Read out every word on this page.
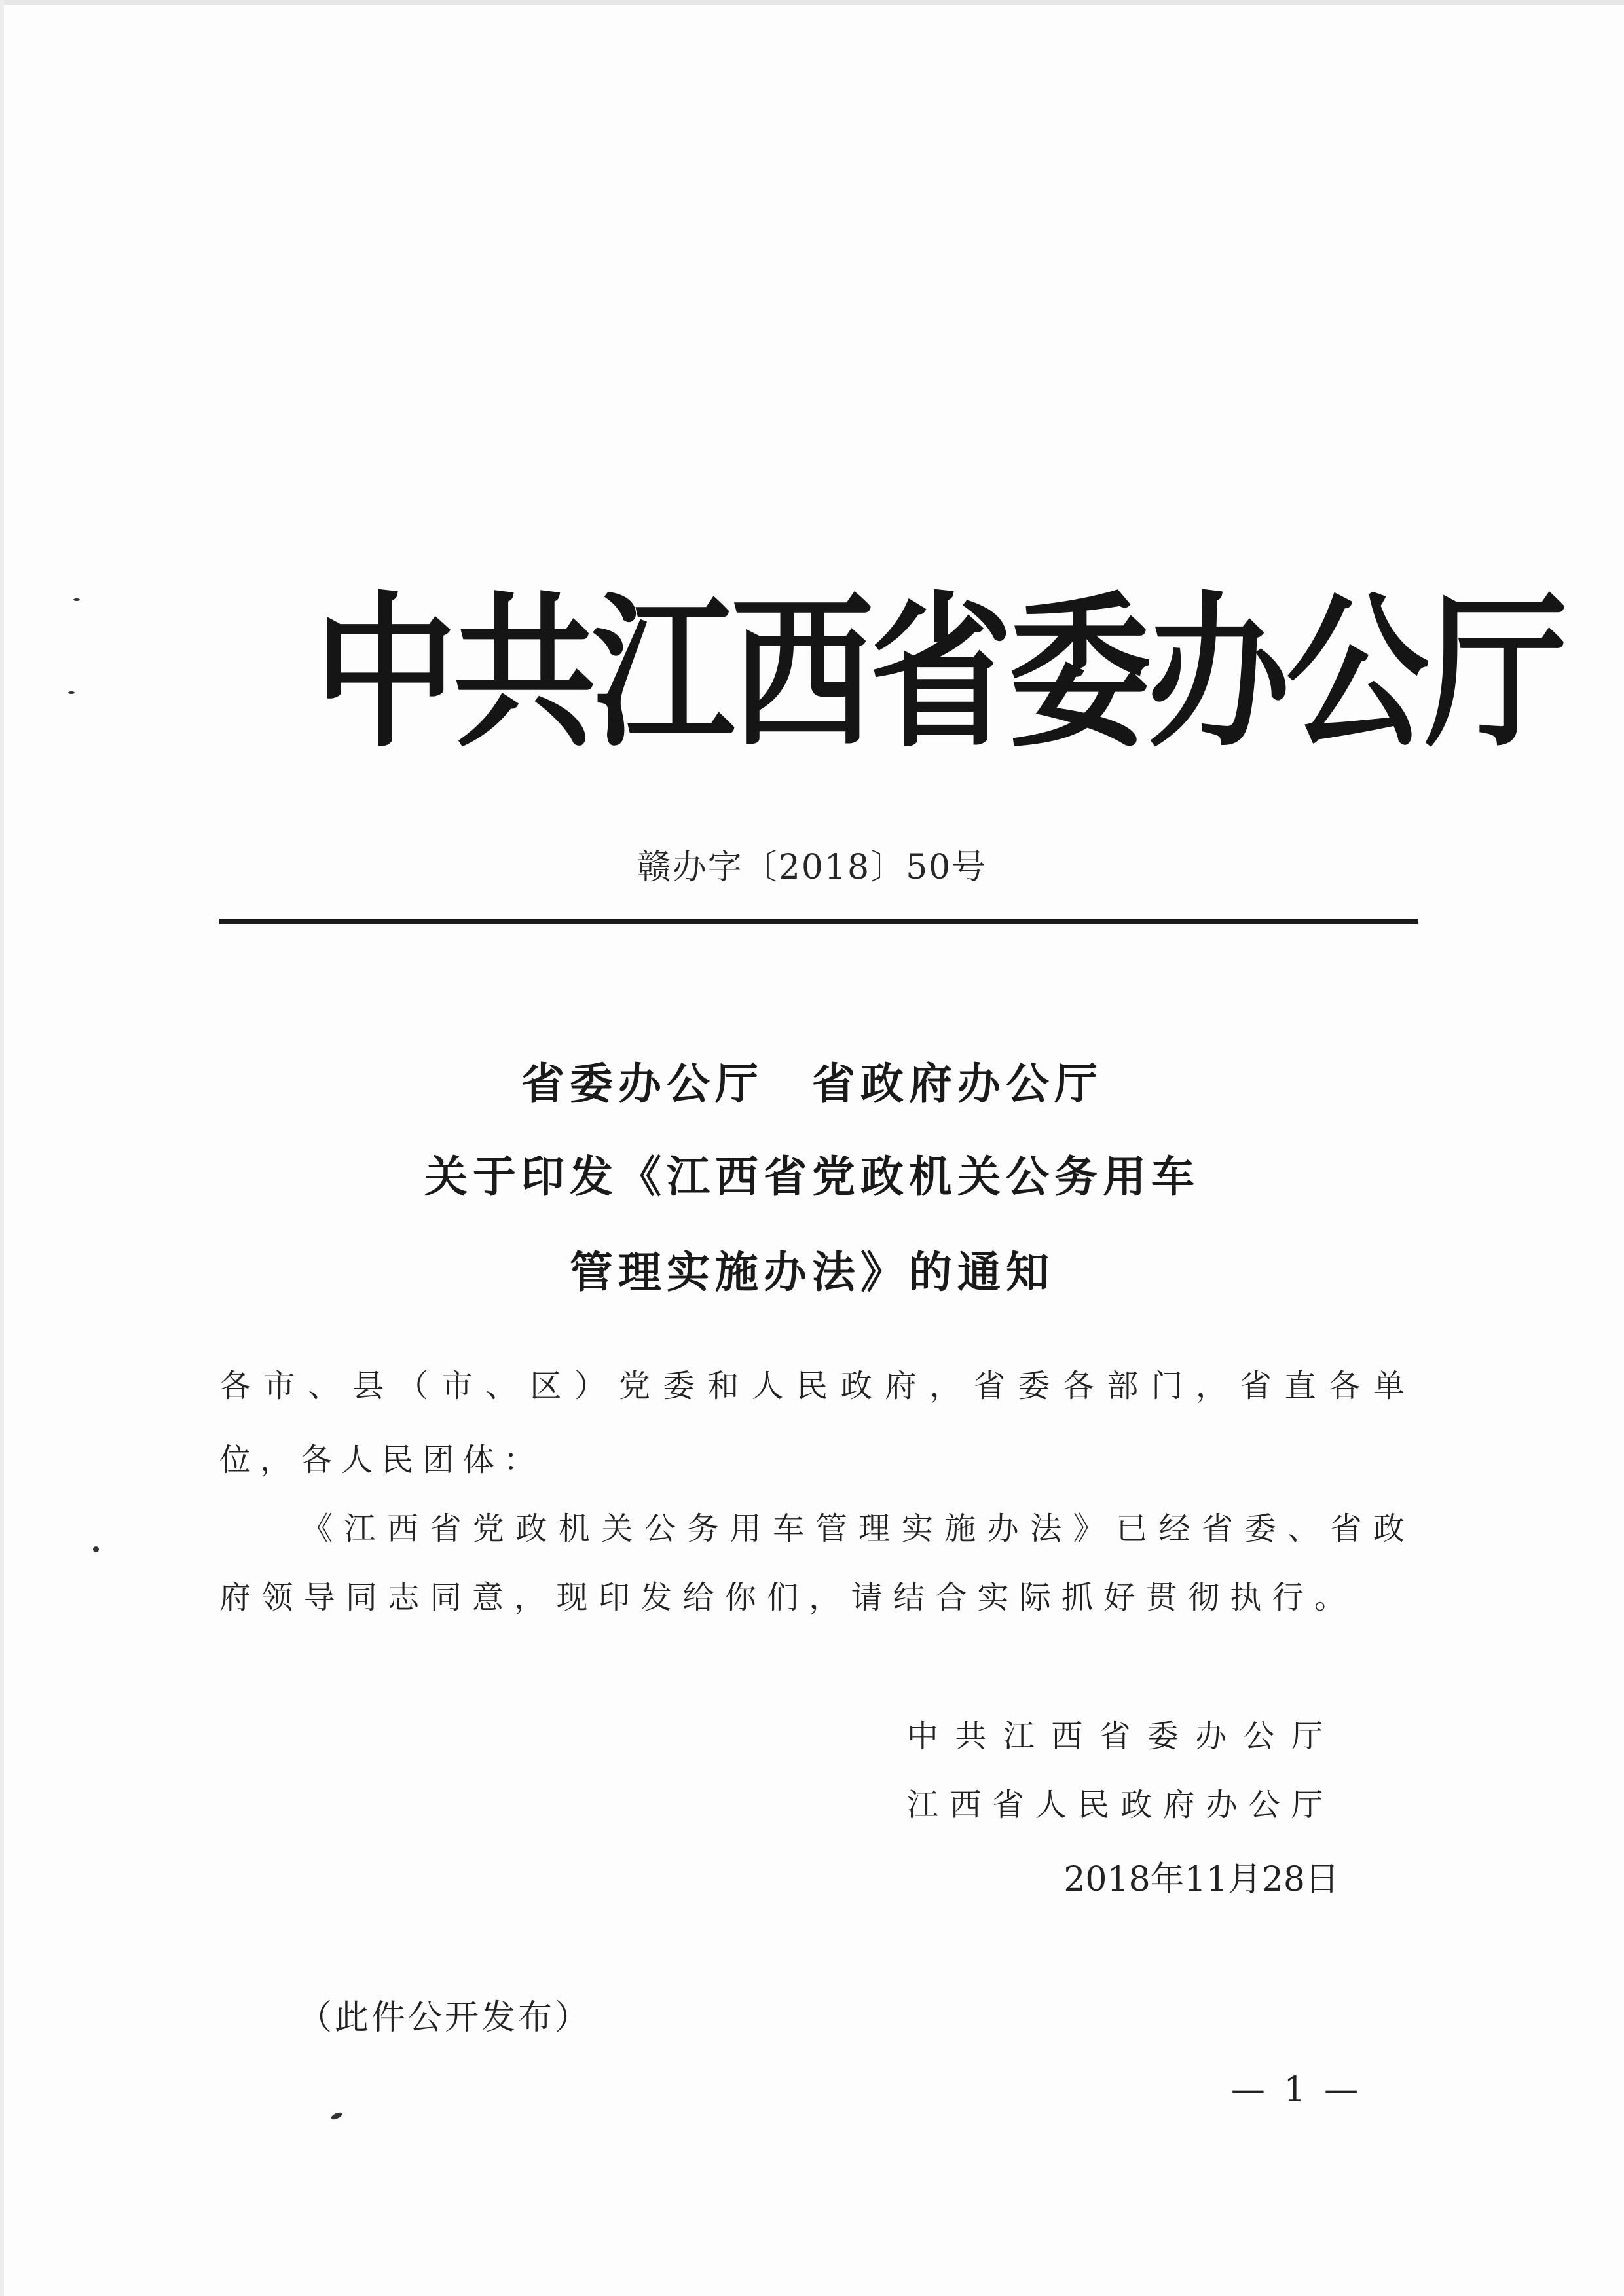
中共江西省委办公厅
赣办字〔2018〕50号
省委办公厅　省政府办公厅
关于印发《江西省党政机关公务用车
管理实施办法》的通知
各市、县（市、区）党委和人民政府，省委各部门，省直各单
位，各人民团体：
《江西省党政机关公务用车管理实施办法》已经省委、省政
府领导同志同意，现印发给你们，请结合实际抓好贯彻执行。
中共江西省委办公厅
江西省人民政府办公厅
2018年11月28日
（此件公开发布）
— 1 —
